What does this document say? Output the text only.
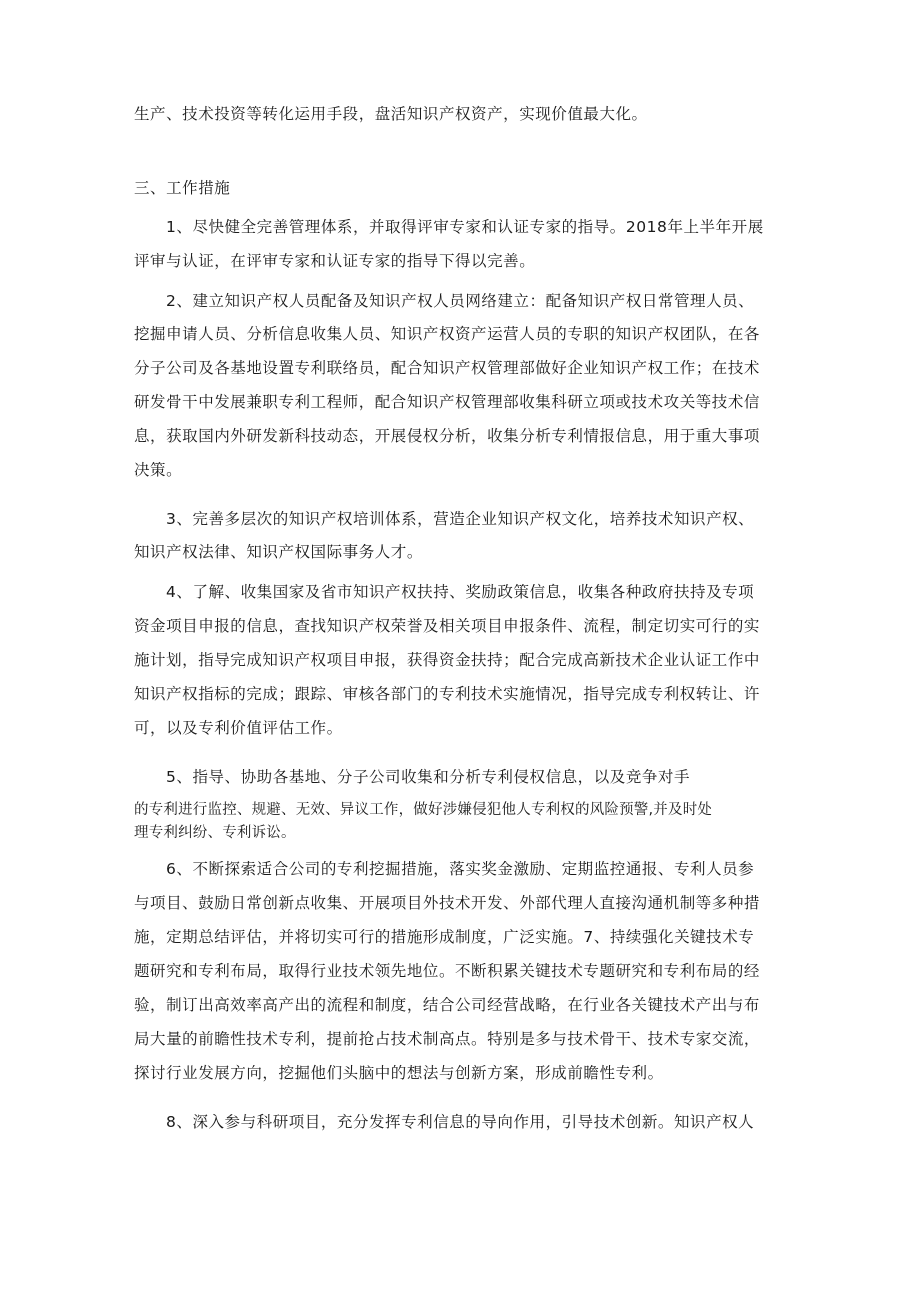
生产、技术投资等转化运用手段，盘活知识产权资产，实现价值最大化。
三、工作措施
1、尽快健全完善管理体系，并取得评审专家和认证专家的指导。2018年上半年开展
评审与认证，在评审专家和认证专家的指导下得以完善。
2、建立知识产权人员配备及知识产权人员网络建立：配备知识产权日常管理人员、
挖掘申请人员、分析信息收集人员、知识产权资产运营人员的专职的知识产权团队，在各
分子公司及各基地设置专利联络员，配合知识产权管理部做好企业知识产权工作；在技术
研发骨干中发展兼职专利工程师，配合知识产权管理部收集科研立项或技术攻关等技术信
息，获取国内外研发新科技动态，开展侵权分析，收集分析专利情报信息，用于重大事项
决策。
3、完善多层次的知识产权培训体系，营造企业知识产权文化，培养技术知识产权、
知识产权法律、知识产权国际事务人才。
4、了解、收集国家及省市知识产权扶持、奖励政策信息，收集各种政府扶持及专项
资金项目申报的信息，查找知识产权荣誉及相关项目申报条件、流程，制定切实可行的实
施计划，指导完成知识产权项目申报，获得资金扶持；配合完成高新技术企业认证工作中
知识产权指标的完成；跟踪、审核各部门的专利技术实施情况，指导完成专利权转让、许
可，以及专利价值评估工作。
5、指导、协助各基地、分子公司收集和分析专利侵权信息，以及竞争对手
的专利进行监控、规避、无效、异议工作，做好涉嫌侵犯他人专利权的风险预警,并及时处
理专利纠纷、专利诉讼。
6、不断探索适合公司的专利挖掘措施，落实奖金激励、定期监控通报、专利人员参
与项目、鼓励日常创新点收集、开展项目外技术开发、外部代理人直接沟通机制等多种措
施，定期总结评估，并将切实可行的措施形成制度，广泛实施。7、持续强化关键技术专
题研究和专利布局，取得行业技术领先地位。不断积累关键技术专题研究和专利布局的经
验，制订出高效率高产出的流程和制度，结合公司经营战略，在行业各关键技术产出与布
局大量的前瞻性技术专利，提前抢占技术制高点。特别是多与技术骨干、技术专家交流，
探讨行业发展方向，挖掘他们头脑中的想法与创新方案，形成前瞻性专利。
8、深入参与科研项目，充分发挥专利信息的导向作用，引导技术创新。知识产权人
